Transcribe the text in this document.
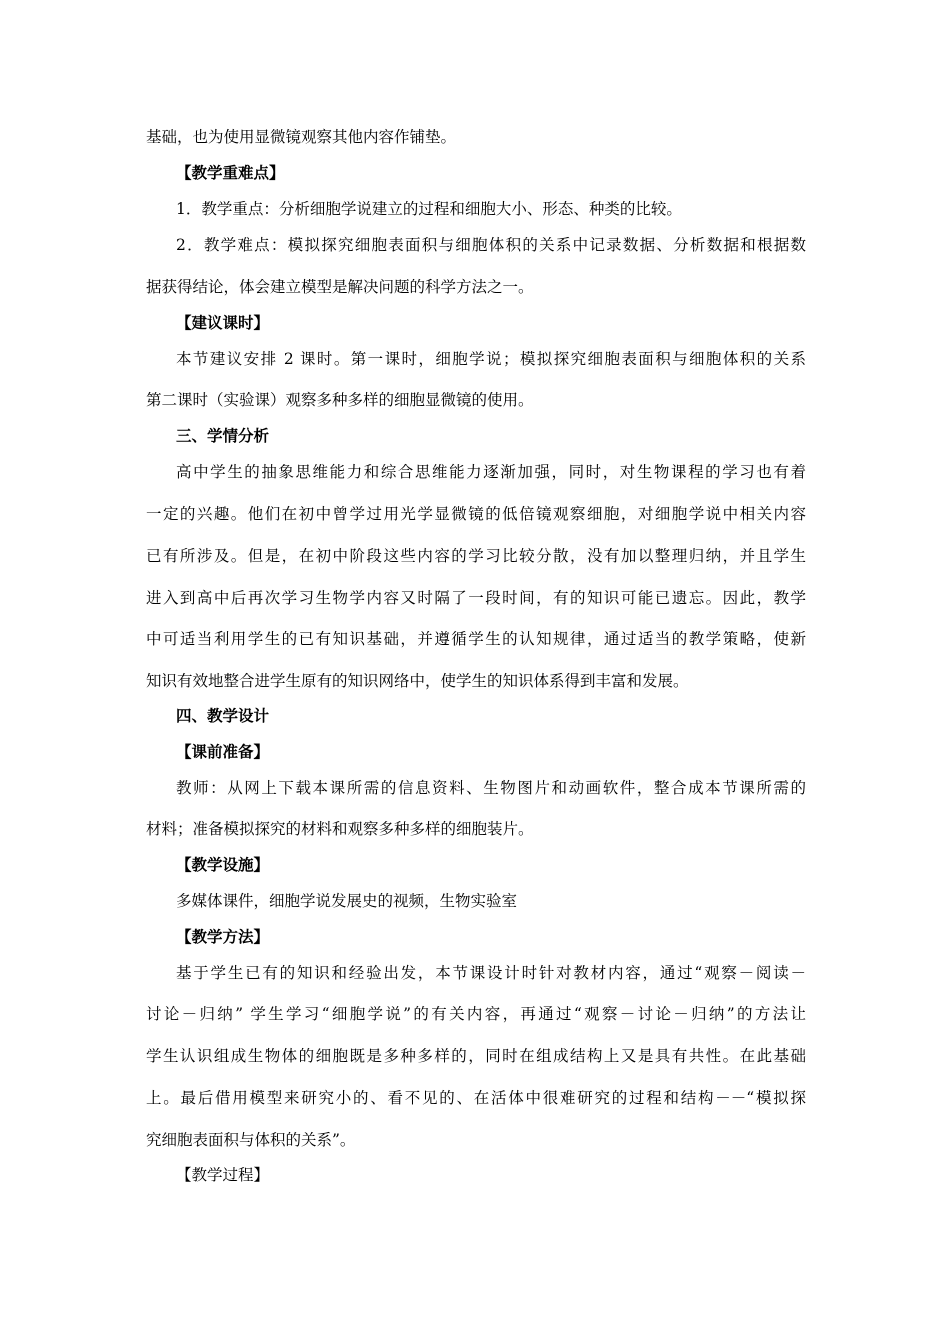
基础，也为使用显微镜观察其他内容作铺垫。
【教学重难点】
1．教学重点：分析细胞学说建立的过程和细胞大小、形态、种类的比较。
2．教学难点：模拟探究细胞表面积与细胞体积的关系中记录数据、分析数据和根据数
据获得结论，体会建立模型是解决问题的科学方法之一。
【建议课时】
本节建议安排 2 课时。第一课时，细胞学说；模拟探究细胞表面积与细胞体积的关系
第二课时（实验课）观察多种多样的细胞显微镜的使用。
三、学情分析
高中学生的抽象思维能力和综合思维能力逐渐加强，同时，对生物课程的学习也有着
一定的兴趣。他们在初中曾学过用光学显微镜的低倍镜观察细胞，对细胞学说中相关内容
已有所涉及。但是，在初中阶段这些内容的学习比较分散，没有加以整理归纳，并且学生
进入到高中后再次学习生物学内容又时隔了一段时间，有的知识可能已遗忘。因此，教学
中可适当利用学生的已有知识基础，并遵循学生的认知规律，通过适当的教学策略，使新
知识有效地整合进学生原有的知识网络中，使学生的知识体系得到丰富和发展。
四、教学设计
【课前准备】
教师：从网上下载本课所需的信息资料、生物图片和动画软件，整合成本节课所需的
材料；准备模拟探究的材料和观察多种多样的细胞装片。
【教学设施】
多媒体课件，细胞学说发展史的视频，生物实验室
【教学方法】
基于学生已有的知识和经验出发，本节课设计时针对教材内容，通过“观察－阅读－
讨论－归纳” 学生学习“细胞学说”的有关内容，再通过“观察－讨论－归纳”的方法让
学生认识组成生物体的细胞既是多种多样的，同时在组成结构上又是具有共性。在此基础
上。最后借用模型来研究小的、看不见的、在活体中很难研究的过程和结构－－“模拟探
究细胞表面积与体积的关系”。
【教学过程】
